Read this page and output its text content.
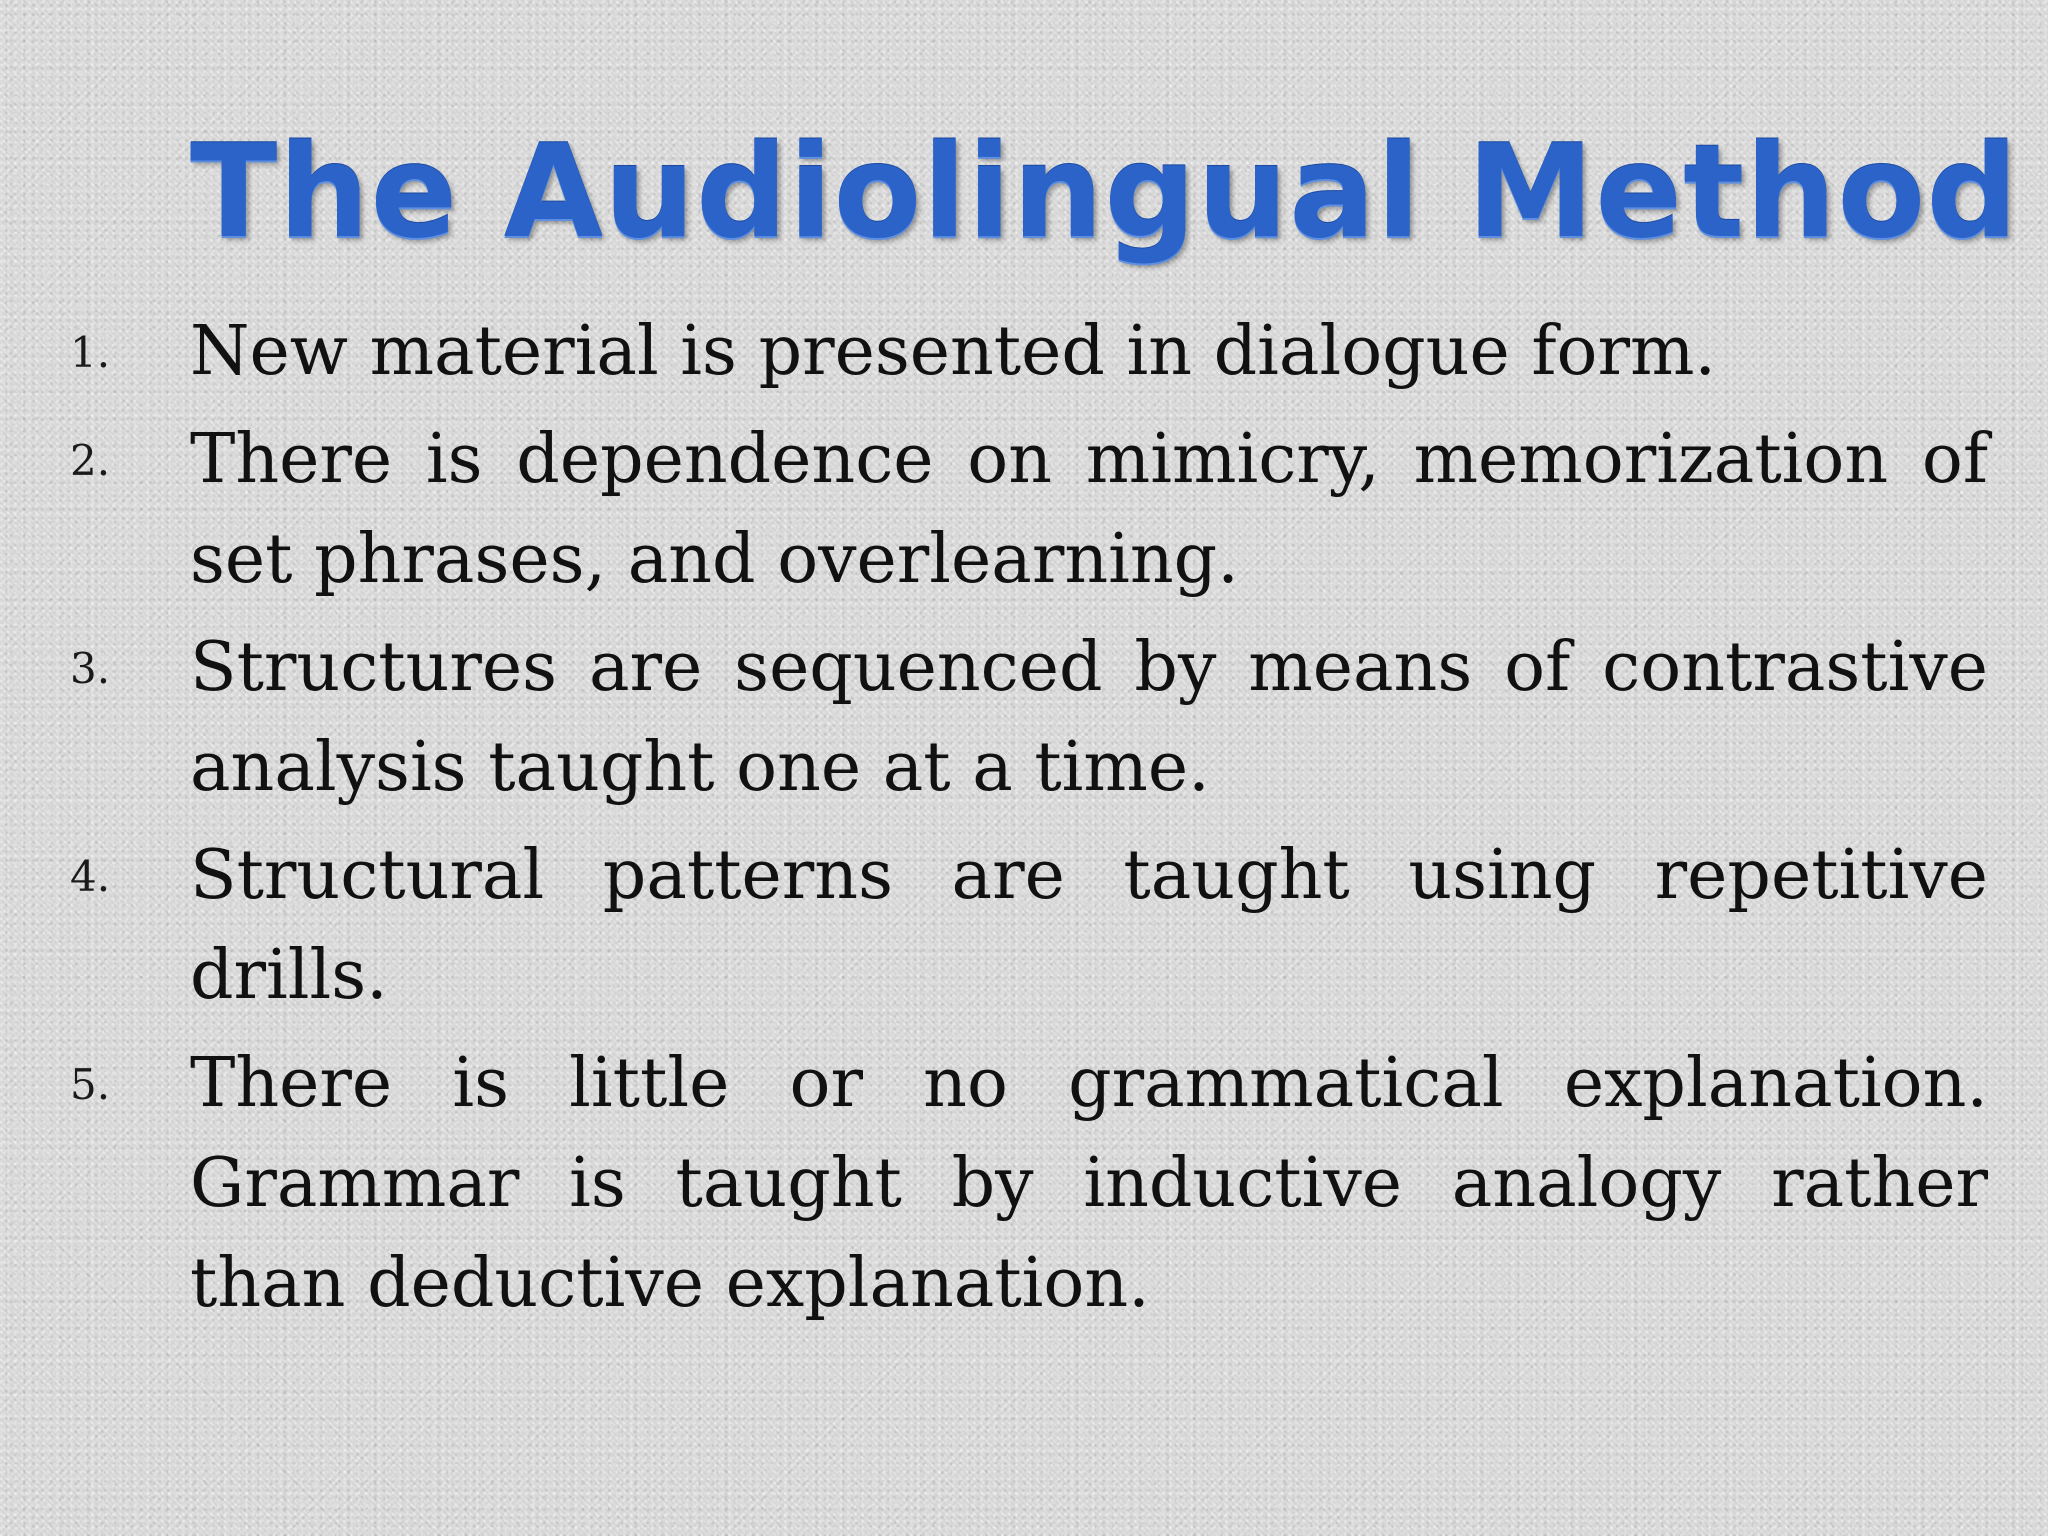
The Audiolingual Method
1.	New material is presented in dialogue form.

2.	There is dependence on mimicry, memorization of set phrases, and overlearning.

3.	Structures are sequenced by means of contrastive analysis taught one at a time.

4.	Structural patterns are taught using repetitive drills.

5.	There is little or no grammatical explanation. Grammar is taught by inductive analogy rather than deductive explanation.
